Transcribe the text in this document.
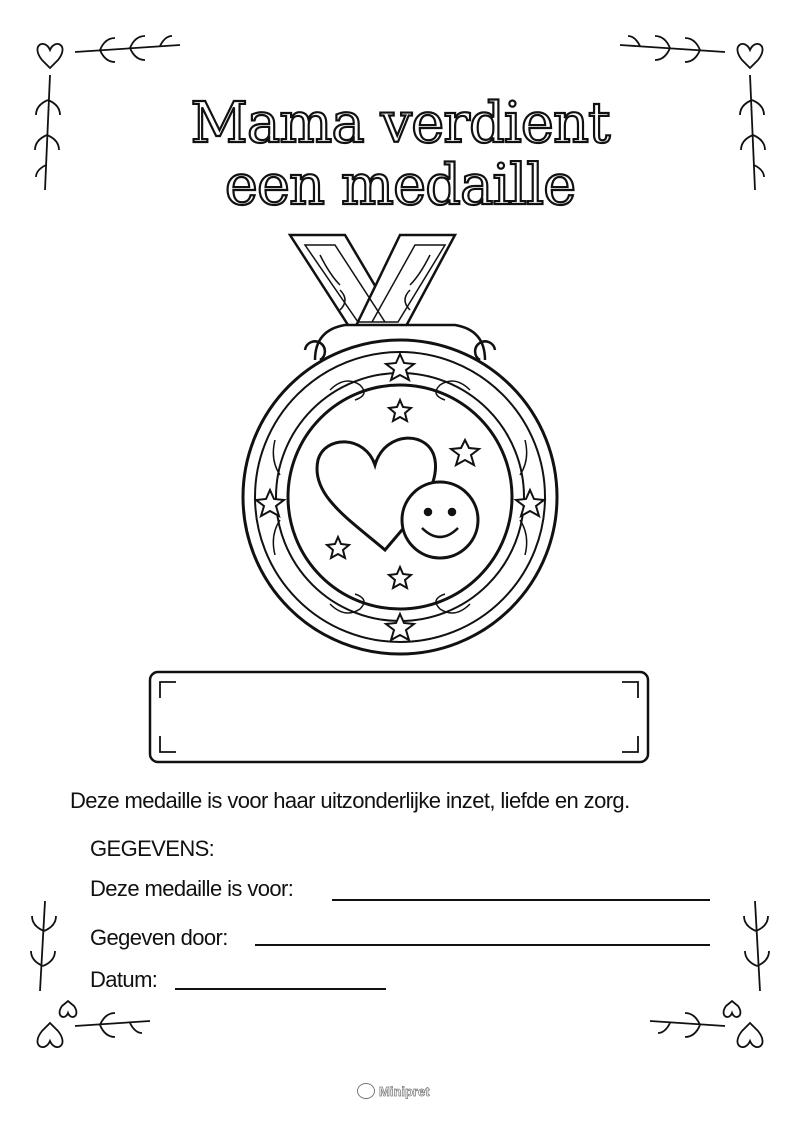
Mama verdient
een medaille
Deze medaille is voor haar uitzonderlijke inzet, liefde en zorg.
GEGEVENS:
Deze medaille is voor:
Gegeven door:
Datum:
Minipret
